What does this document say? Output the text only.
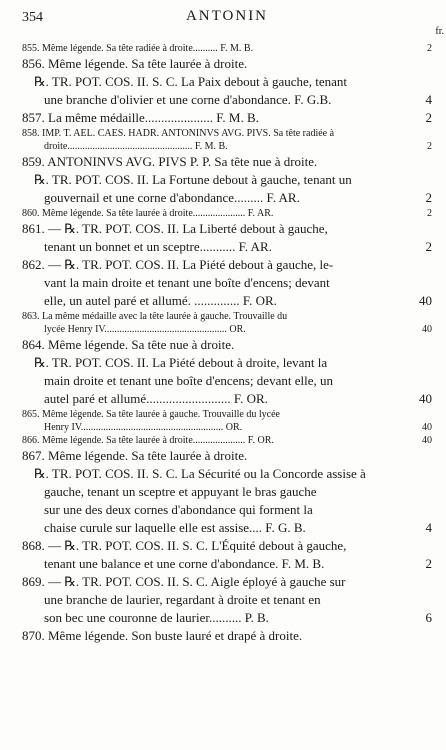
354	ANTONIN
fr.
855. Même légende. Sa tête radiée à droite.......... F. M. B.	2
856. Même légende. Sa tête laurée à droite.
℞. TR. POT. COS. II. S. C. La Paix debout à gauche, tenant
une branche d'olivier et une corne d'abondance. F. G.B.	4
857. La même médaille..................... F. M. B.	2
858. IMP. T. AEL. CAES. HADR. ANTONINVS AVG. PIVS. Sa tête radiée à
droite.................................................. F. M. B.	2
859. ANTONINVS AVG. PIVS P. P. Sa tête nue à droite.
℞. TR. POT. COS. II. La Fortune debout à gauche, tenant un
gouvernail et une corne d'abondance......... F. AR.	2
860. Même légende. Sa tête laurée à droite..................... F. AR.	2
861. — ℞. TR. POT. COS. II. La Liberté debout à gauche,
tenant un bonnet et un sceptre........... F. AR.	2
862. — ℞. TR. POT. COS. II. La Piété debout à gauche, le-
vant la main droite et tenant une boîte d'encens; devant
elle, un autel paré et allumé. .............. F. OR.	40
863. La même médaille avec la tête laurée à gauche. Trouvaille du
lycée Henry IV................................................. OR.	40
864. Même légende. Sa tête nue à droite.
℞. TR. POT. COS. II. La Piété debout à droite, levant la
main droite et tenant une boîte d'encens; devant elle, un
autel paré et allumé.......................... F. OR.	40
865. Même légende. Sa tête laurée à gauche. Trouvaille du lycée
Henry IV......................................................... OR.	40
866. Même légende. Sa tête laurée à droite..................... F. OR.	40
867. Même légende. Sa tête laurée à droite.
℞. TR. POT. COS. II. S. C. La Sécurité ou la Concorde assise à
gauche, tenant un sceptre et appuyant le bras gauche
sur une des deux cornes d'abondance qui forment la
chaise curule sur laquelle elle est assise.... F. G. B.	4
868. — ℞. TR. POT. COS. II. S. C. L'Équité debout à gauche,
tenant une balance et une corne d'abondance. F. M. B.	2
869. — ℞. TR. POT. COS. II. S. C. Aigle éployé à gauche sur
une branche de laurier, regardant à droite et tenant en
son bec une couronne de laurier.......... P. B.	6
870. Même légende. Son buste lauré et drapé à droite.
